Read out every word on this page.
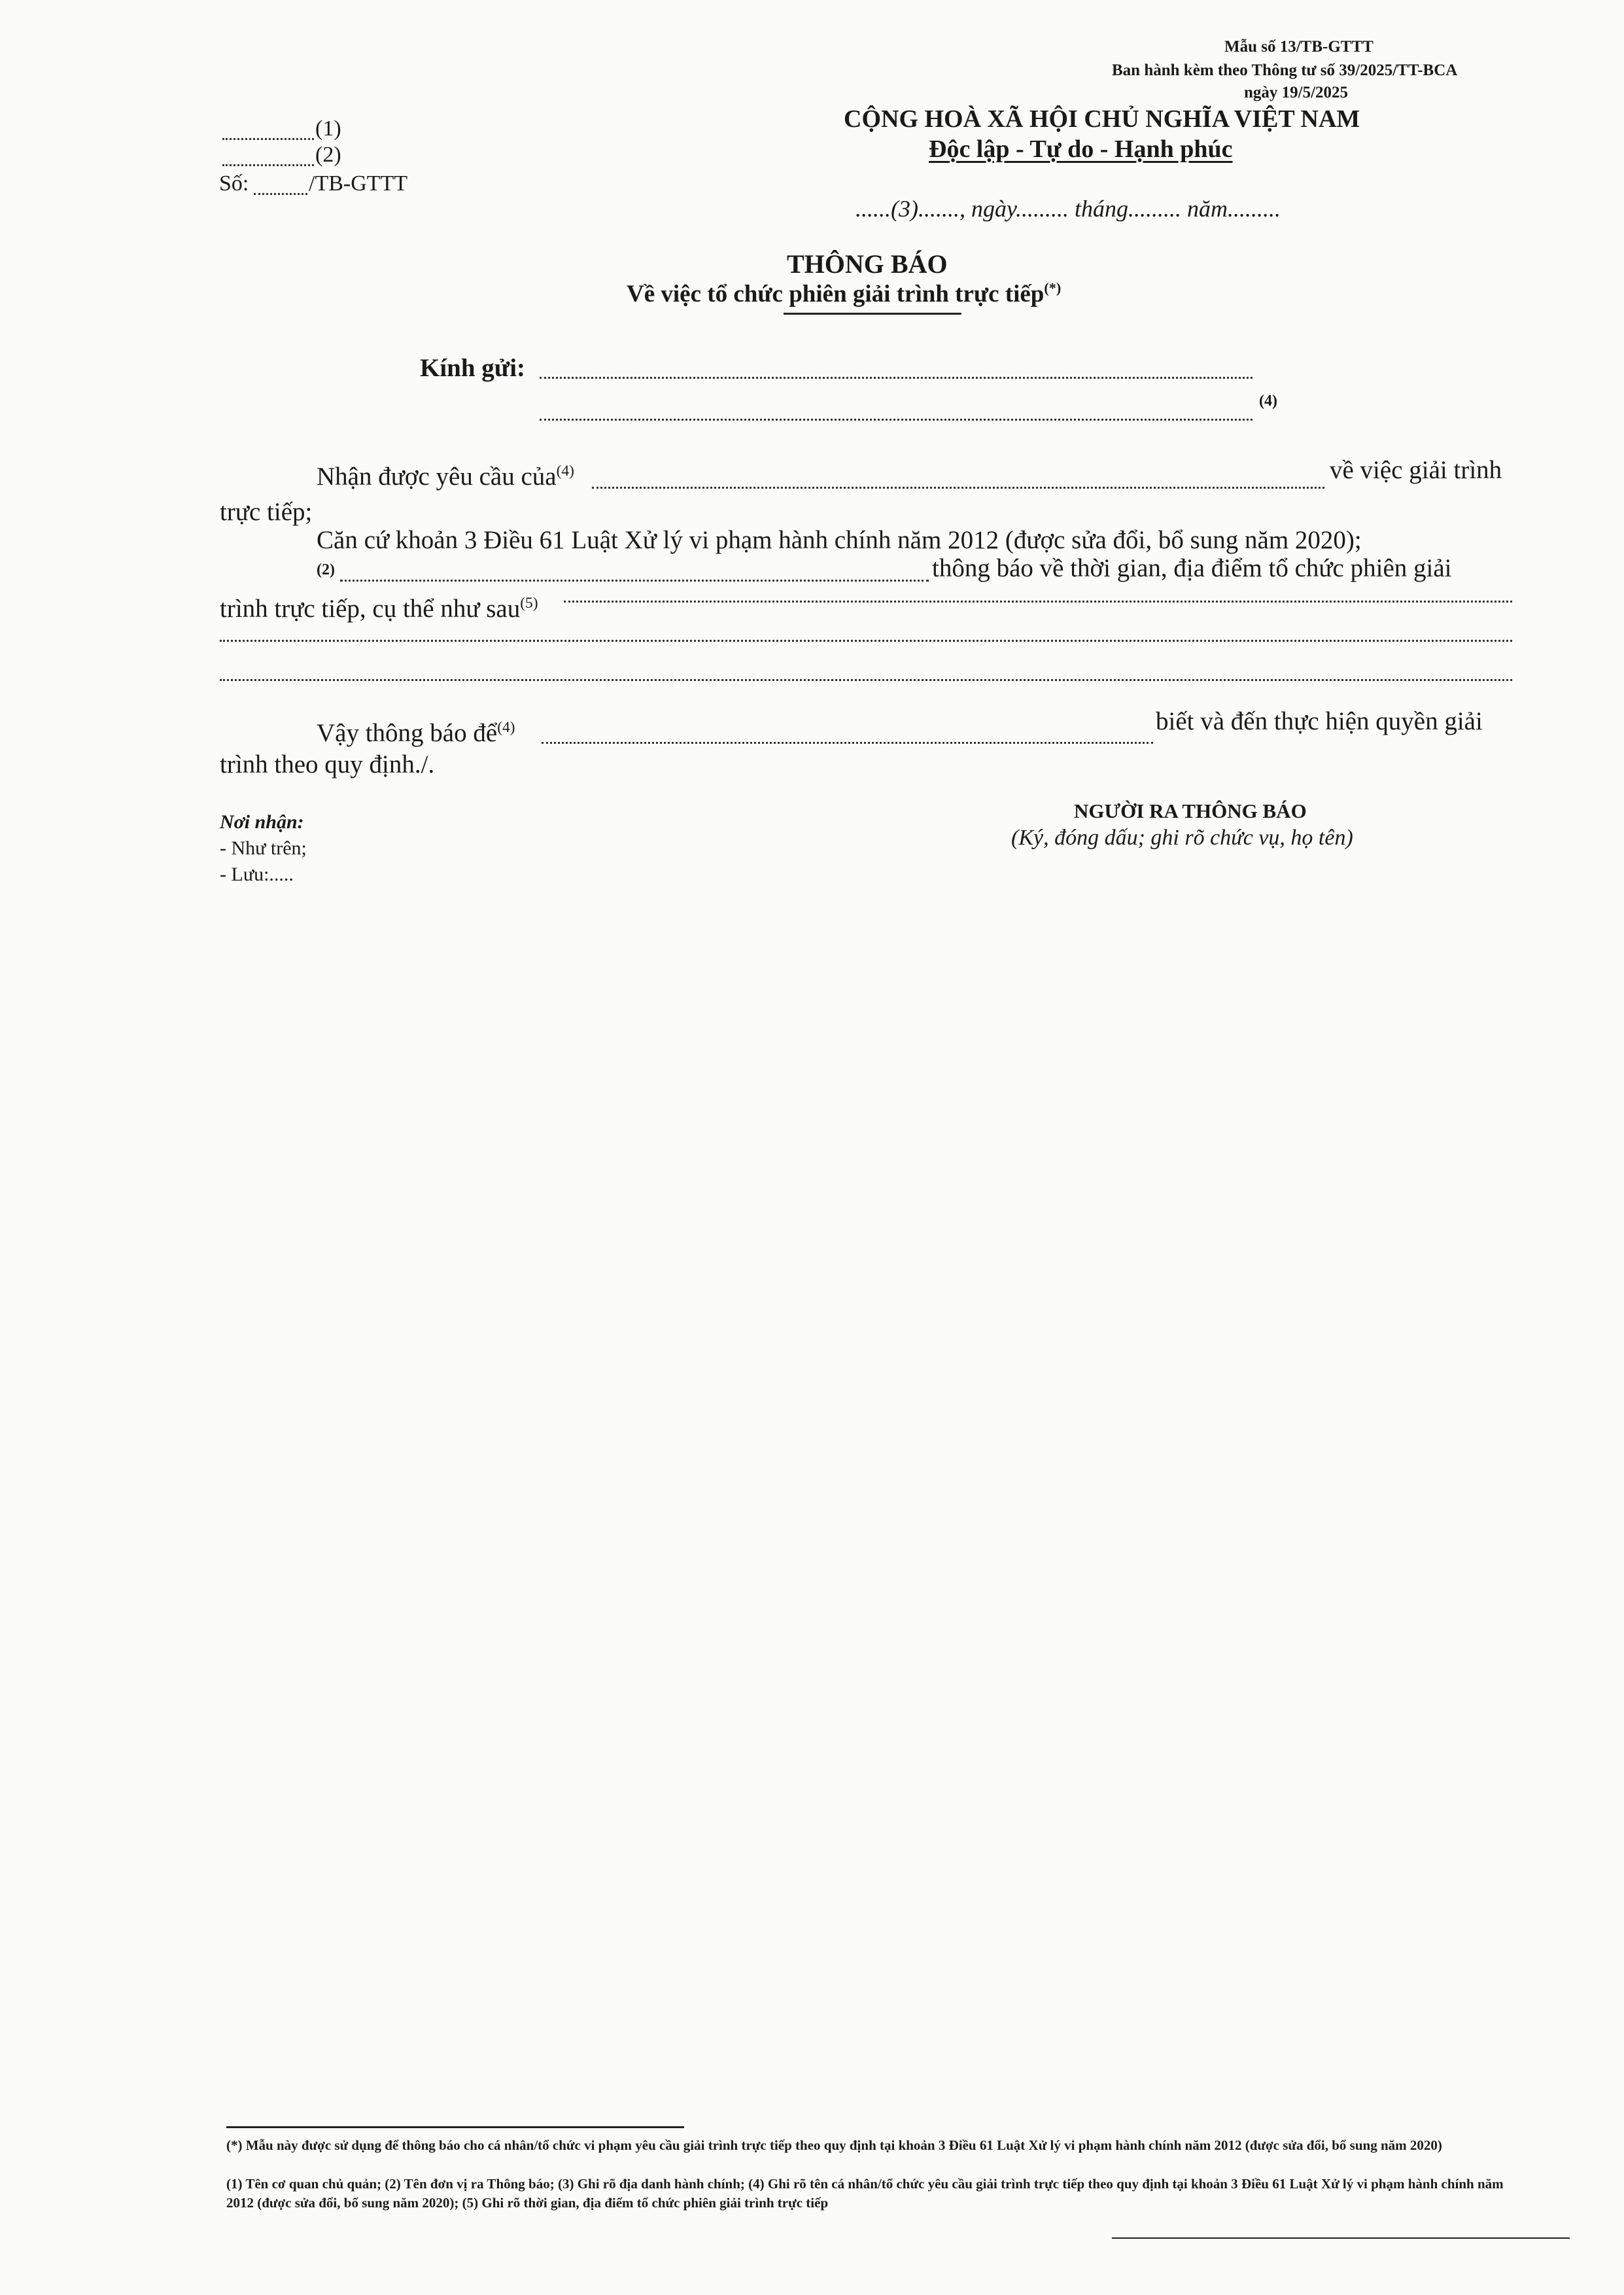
Mẫu số 13/TB-GTTT
Ban hành kèm theo Thông tư số 39/2025/TT-BCA
ngày 19/5/2025
(1)
(2)
Số:	/TB-GTTT
CỘNG HOÀ XÃ HỘI CHỦ NGHĨA VIỆT NAM
Độc lập - Tự do - Hạnh phúc
......(3)......., ngày......... tháng......... năm.........
THÔNG BÁO
Về việc tổ chức phiên giải trình trực tiếp(*)
Kính gửi:
(4)
Nhận được yêu cầu của$^{(4)}$	về việc giải trình
trực tiếp;
Căn cứ khoản 3 Điều 61 Luật Xử lý vi phạm hành chính năm 2012 (được sửa đổi, bổ sung năm 2020);
(2)	thông báo về thời gian, địa điểm tổ chức phiên giải
trình trực tiếp, cụ thể như sau$^{(5)}$
Vậy thông báo để$^{(4)}$	biết và đến thực hiện quyền giải
trình theo quy định./.
Nơi nhận:
- Như trên;
- Lưu:.....
NGƯỜI RA THÔNG BÁO
(Ký, đóng dấu; ghi rõ chức vụ, họ tên)
(*) Mẫu này được sử dụng để thông báo cho cá nhân/tổ chức vi phạm yêu cầu giải trình trực tiếp theo quy định tại khoản 3 Điều 61 Luật Xử lý vi phạm hành chính năm 2012 (được sửa đổi, bổ sung năm 2020)
(1) Tên cơ quan chủ quản; (2) Tên đơn vị ra Thông báo; (3) Ghi rõ địa danh hành chính; (4) Ghi rõ tên cá nhân/tổ chức yêu cầu giải trình trực tiếp theo quy định tại khoản 3 Điều 61 Luật Xử lý vi phạm hành chính năm 2012 (được sửa đổi, bổ sung năm 2020); (5) Ghi rõ thời gian, địa điểm tổ chức phiên giải trình trực tiếp
